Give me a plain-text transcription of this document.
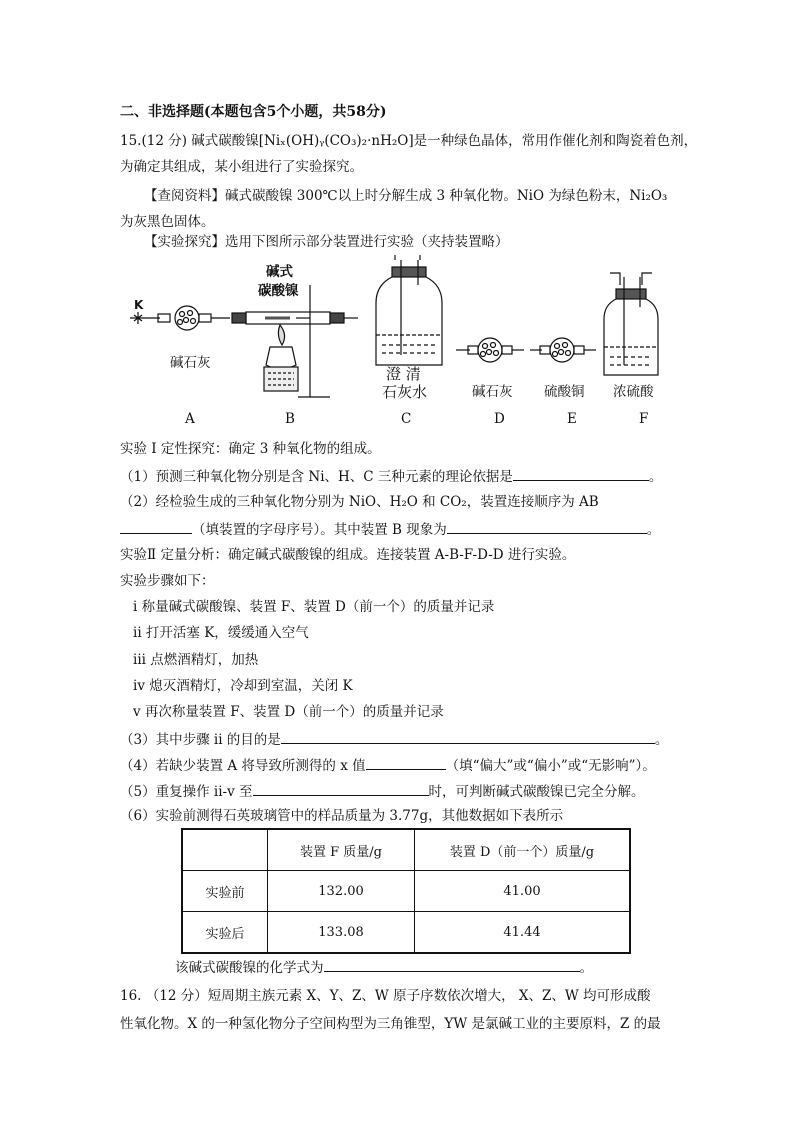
二、非选择题(本题包含5个小题，共58分)
15.(12 分) 碱式碳酸镍[Niₓ(OH)ᵧ(CO₃)₂·nH₂O]是一种绿色晶体，常用作催化剂和陶瓷着色剂，
为确定其组成，某小组进行了实验探究。
【查阅资料】碱式碳酸镍 300℃以上时分解生成 3 种氧化物。NiO 为绿色粉末，Ni₂O₃
为灰黑色固体。
【实验探究】选用下图所示部分装置进行实验（夹持装置略）
K
碱式
碳酸镍
碱石灰
澄 清
石灰水	碱石灰 硫酸铜 浓硫酸
A	B	C	D	E	F
实验 I 定性探究：确定 3 种氧化物的组成。
（1）预测三种氧化物分别是含 Ni、H、C 三种元素的理论依据是	。
（2）经检验生成的三种氧化物分别为 NiO、H₂O 和 CO₂，装置连接顺序为 AB
（填装置的字母序号）。其中装置 B 现象为	。
实验Ⅱ 定量分析：确定碱式碳酸镍的组成。连接装置 A-B-F-D-D 进行实验。
实验步骤如下：
i 称量碱式碳酸镍、装置 F、装置 D（前一个）的质量并记录
ii 打开活塞 K，缓缓通入空气
iii 点燃酒精灯，加热
iv 熄灭酒精灯，冷却到室温，关闭 K
v 再次称量装置 F、装置 D（前一个）的质量并记录
（3）其中步骤 ii 的目的是	。
（4）若缺少装置 A 将导致所测得的 x 值	（填“偏大”或“偏小”或“无影响”）。
（5）重复操作 ii-v 至	时，可判断碱式碳酸镍已完全分解。
（6）实验前测得石英玻璃管中的样品质量为 3.77g，其他数据如下表所示
	装置 F 质量/g	装置 D（前一个）质量/g
实验前	132.00	41.00
实验后	133.08	41.44
该碱式碳酸镍的化学式为	。
16. （12 分）短周期主族元素 X、Y、Z、W 原子序数依次增大， X、Z、W 均可形成酸
性氧化物。X 的一种氢化物分子空间构型为三角锥型，YW 是氯碱工业的主要原料，Z 的最
